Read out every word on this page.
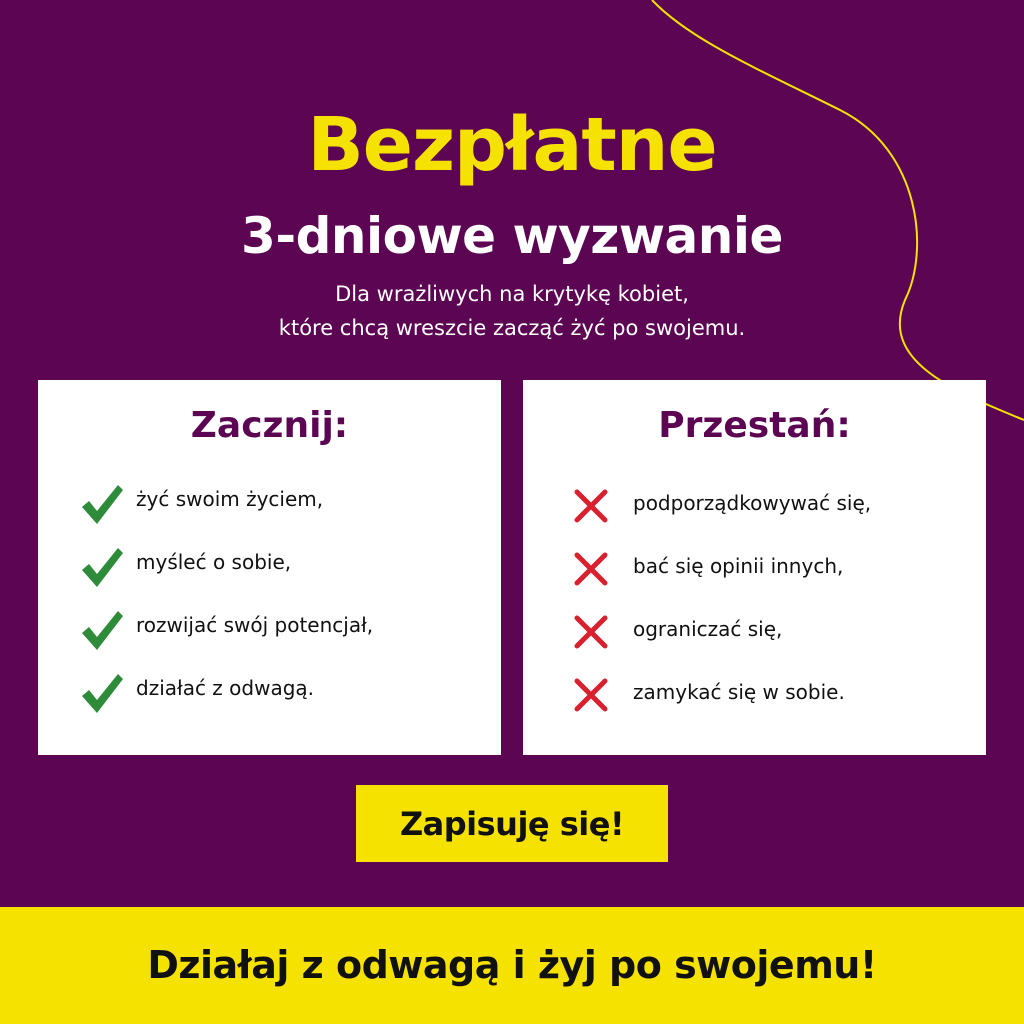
Bezpłatne
3-dniowe wyzwanie
Dla wrażliwych na krytykę kobiet,
które chcą wreszcie zacząć żyć po swojemu.
Zacznij:
żyć swoim życiem,
myśleć o sobie,
rozwijać swój potencjał,
działać z odwagą.
Przestań:
podporządkowywać się,
bać się opinii innych,
ograniczać się,
zamykać się w sobie.
Zapisuję się!
Działaj z odwagą i żyj po swojemu!
